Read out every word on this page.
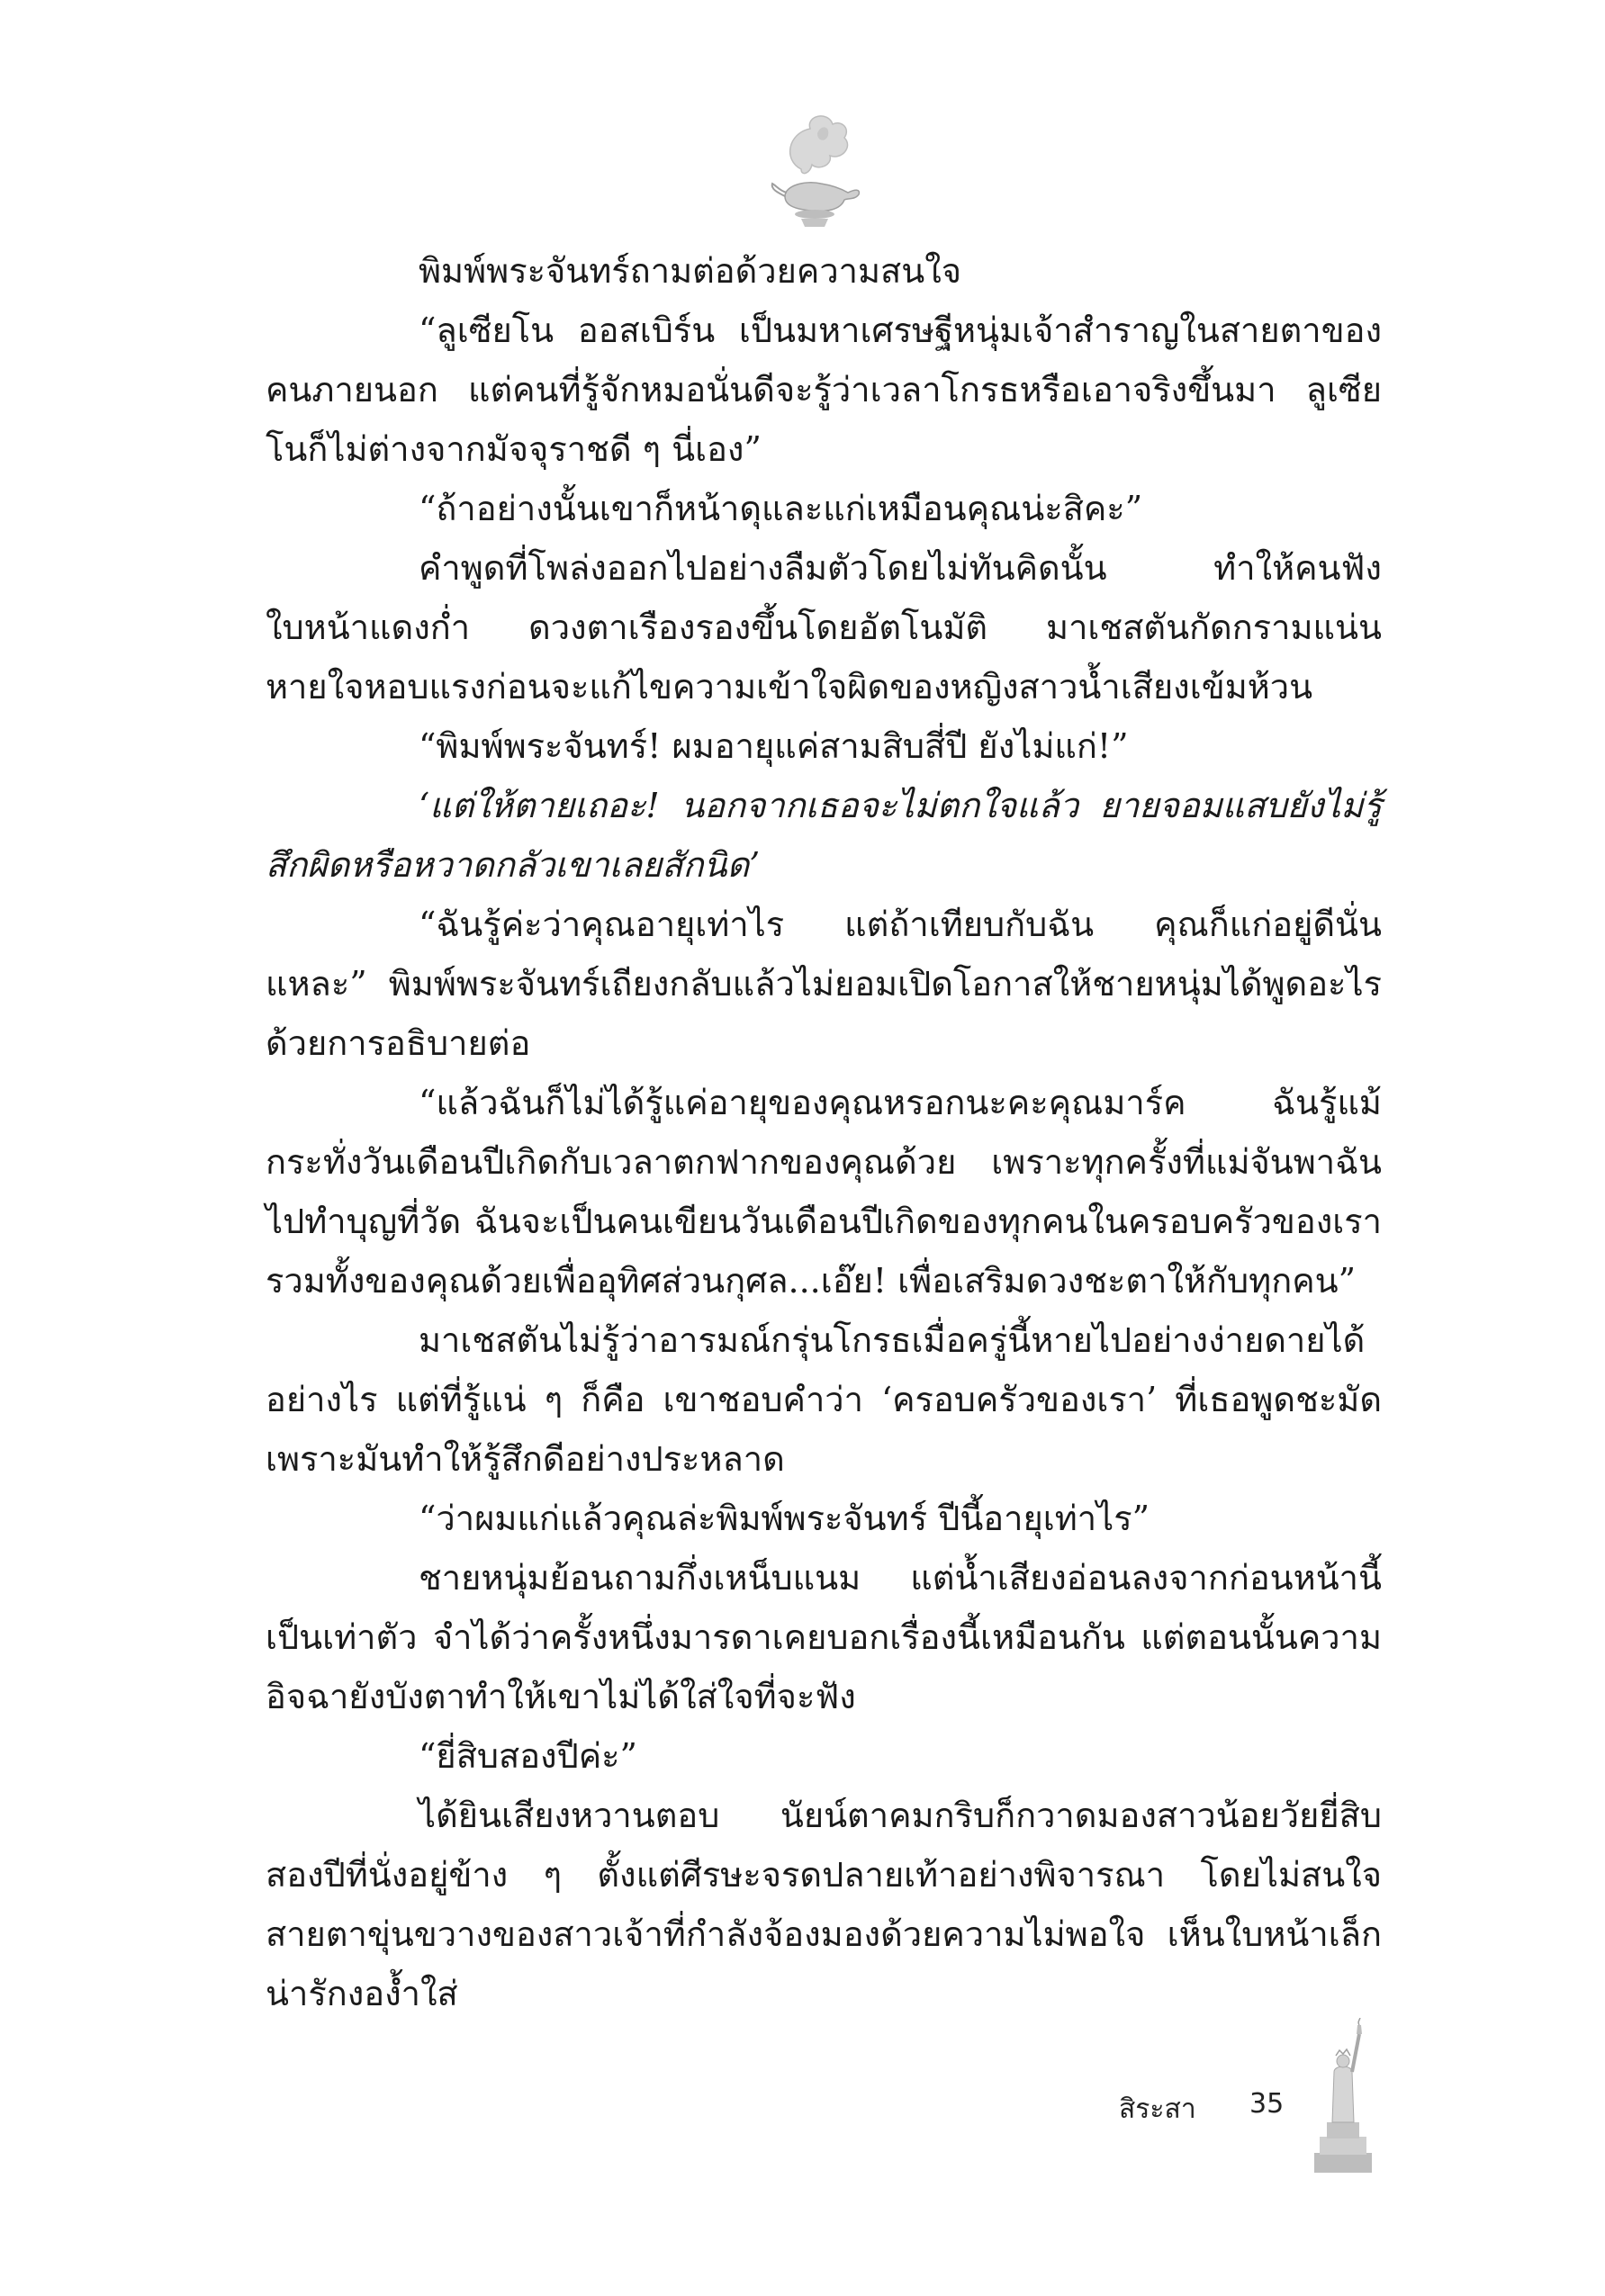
พิมพ์พระจันทร์ถามต่อด้วยความสนใจ

“ลูเซียโน ออสเบิร์น เป็นมหาเศรษฐีหนุ่มเจ้าสำราญในสายตาของคนภายนอก แต่คนที่รู้จักหมอนั่นดีจะรู้ว่าเวลาโกรธหรือเอาจริงขึ้นมา ลูเซียโนก็ไม่ต่างจากมัจจุราชดี ๆ นี่เอง”

“ถ้าอย่างนั้นเขาก็หน้าดุและแก่เหมือนคุณน่ะสิคะ”

คำพูดที่โพล่งออกไปอย่างลืมตัวโดยไม่ทันคิดนั้น ทำให้คนฟังใบหน้าแดงก่ำ ดวงตาเรืองรองขึ้นโดยอัตโนมัติ มาเชสตันกัดกรามแน่น หายใจหอบแรงก่อนจะแก้ไขความเข้าใจผิดของหญิงสาวน้ำเสียงเข้มห้วน

“พิมพ์พระจันทร์! ผมอายุแค่สามสิบสี่ปี ยังไม่แก่!”

‘แต่ให้ตายเถอะ! นอกจากเธอจะไม่ตกใจแล้ว ยายจอมแสบยังไม่รู้สึกผิดหรือหวาดกลัวเขาเลยสักนิด’

“ฉันรู้ค่ะว่าคุณอายุเท่าไร แต่ถ้าเทียบกับฉัน คุณก็แก่อยู่ดีนั่นแหละ” พิมพ์พระจันทร์เถียงกลับแล้วไม่ยอมเปิดโอกาสให้ชายหนุ่มได้พูดอะไรด้วยการอธิบายต่อ

“แล้วฉันก็ไม่ได้รู้แค่อายุของคุณหรอกนะคะคุณมาร์ค ฉันรู้แม้กระทั่งวันเดือนปีเกิดกับเวลาตกฟากของคุณด้วย เพราะทุกครั้งที่แม่จันพาฉันไปทำบุญที่วัด ฉันจะเป็นคนเขียนวันเดือนปีเกิดของทุกคนในครอบครัวของเรารวมทั้งของคุณด้วยเพื่ออุทิศส่วนกุศล...เอ๊ย! เพื่อเสริมดวงชะตาให้กับทุกคน”

มาเชสตันไม่รู้ว่าอารมณ์กรุ่นโกรธเมื่อครู่นี้หายไปอย่างง่ายดายได้อย่างไร แต่ที่รู้แน่ ๆ ก็คือ เขาชอบคำว่า ‘ครอบครัวของเรา’ ที่เธอพูดชะมัดเพราะมันทำให้รู้สึกดีอย่างประหลาด

“ว่าผมแก่แล้วคุณล่ะพิมพ์พระจันทร์ ปีนี้อายุเท่าไร”

ชายหนุ่มย้อนถามกึ่งเหน็บแนม แต่น้ำเสียงอ่อนลงจากก่อนหน้านี้เป็นเท่าตัว จำได้ว่าครั้งหนึ่งมารดาเคยบอกเรื่องนี้เหมือนกัน แต่ตอนนั้นความอิจฉายังบังตาทำให้เขาไม่ได้ใส่ใจที่จะฟัง

“ยี่สิบสองปีค่ะ”

ได้ยินเสียงหวานตอบ นัยน์ตาคมกริบก็กวาดมองสาวน้อยวัยยี่สิบสองปีที่นั่งอยู่ข้าง ๆ ตั้งแต่ศีรษะจรดปลายเท้าอย่างพิจารณา โดยไม่สนใจสายตาขุ่นขวางของสาวเจ้าที่กำลังจ้องมองด้วยความไม่พอใจ เห็นใบหน้าเล็กน่ารักงอง้ำใส่

สิระสา 35
